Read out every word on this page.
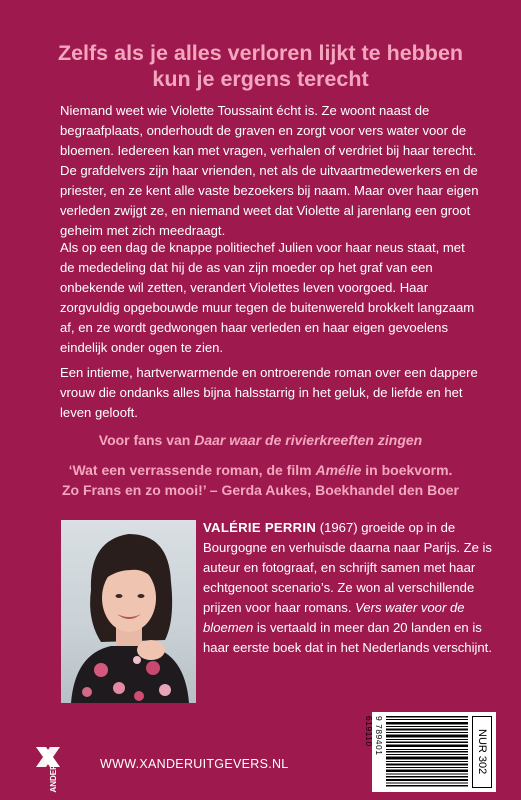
Zelfs als je alles verloren lijkt te hebben
kun je ergens terecht

Niemand weet wie Violette Toussaint écht is. Ze woont naast de begraafplaats, onderhoudt de graven en zorgt voor vers water voor de bloemen. Iedereen kan met vragen, verhalen of verdriet bij haar terecht. De grafdelvers zijn haar vrienden, net als de uitvaartmedewerkers en de priester, en ze kent alle vaste bezoekers bij naam. Maar over haar eigen verleden zwijgt ze, en niemand weet dat Violette al jarenlang een groot geheim met zich meedraagt.

Als op een dag de knappe politiechef Julien voor haar neus staat, met de mededeling dat hij de as van zijn moeder op het graf van een onbekende wil zetten, verandert Violettes leven voorgoed. Haar zorgvuldig opgebouwde muur tegen de buitenwereld brokkelt langzaam af, en ze wordt gedwongen haar verleden en haar eigen gevoelens eindelijk onder ogen te zien.

Een intieme, hartverwarmende en ontroerende roman over een dappere vrouw die ondanks alles bijna halsstarrig in het geluk, de liefde en het leven gelooft.

Voor fans van Daar waar de rivierkreeften zingen

‘Wat een verrassende roman, de film Amélie in boekvorm.
Zo Frans en zo mooi!’ – Gerda Aukes, Boekhandel den Boer

VALÉRIE PERRIN (1967) groeide op in de Bourgogne en verhuisde daarna naar Parijs. Ze is auteur en fotograaf, en schrijft samen met haar echtgenoot scenario’s. Ze won al verschillende prijzen voor haar romans. Vers water voor de bloemen is vertaald in meer dan 20 landen en is haar eerste boek dat in het Nederlands verschijnt.

9 789401 619110	NUR 302
XANDER
WWW.XANDERUITGEVERS.NL
